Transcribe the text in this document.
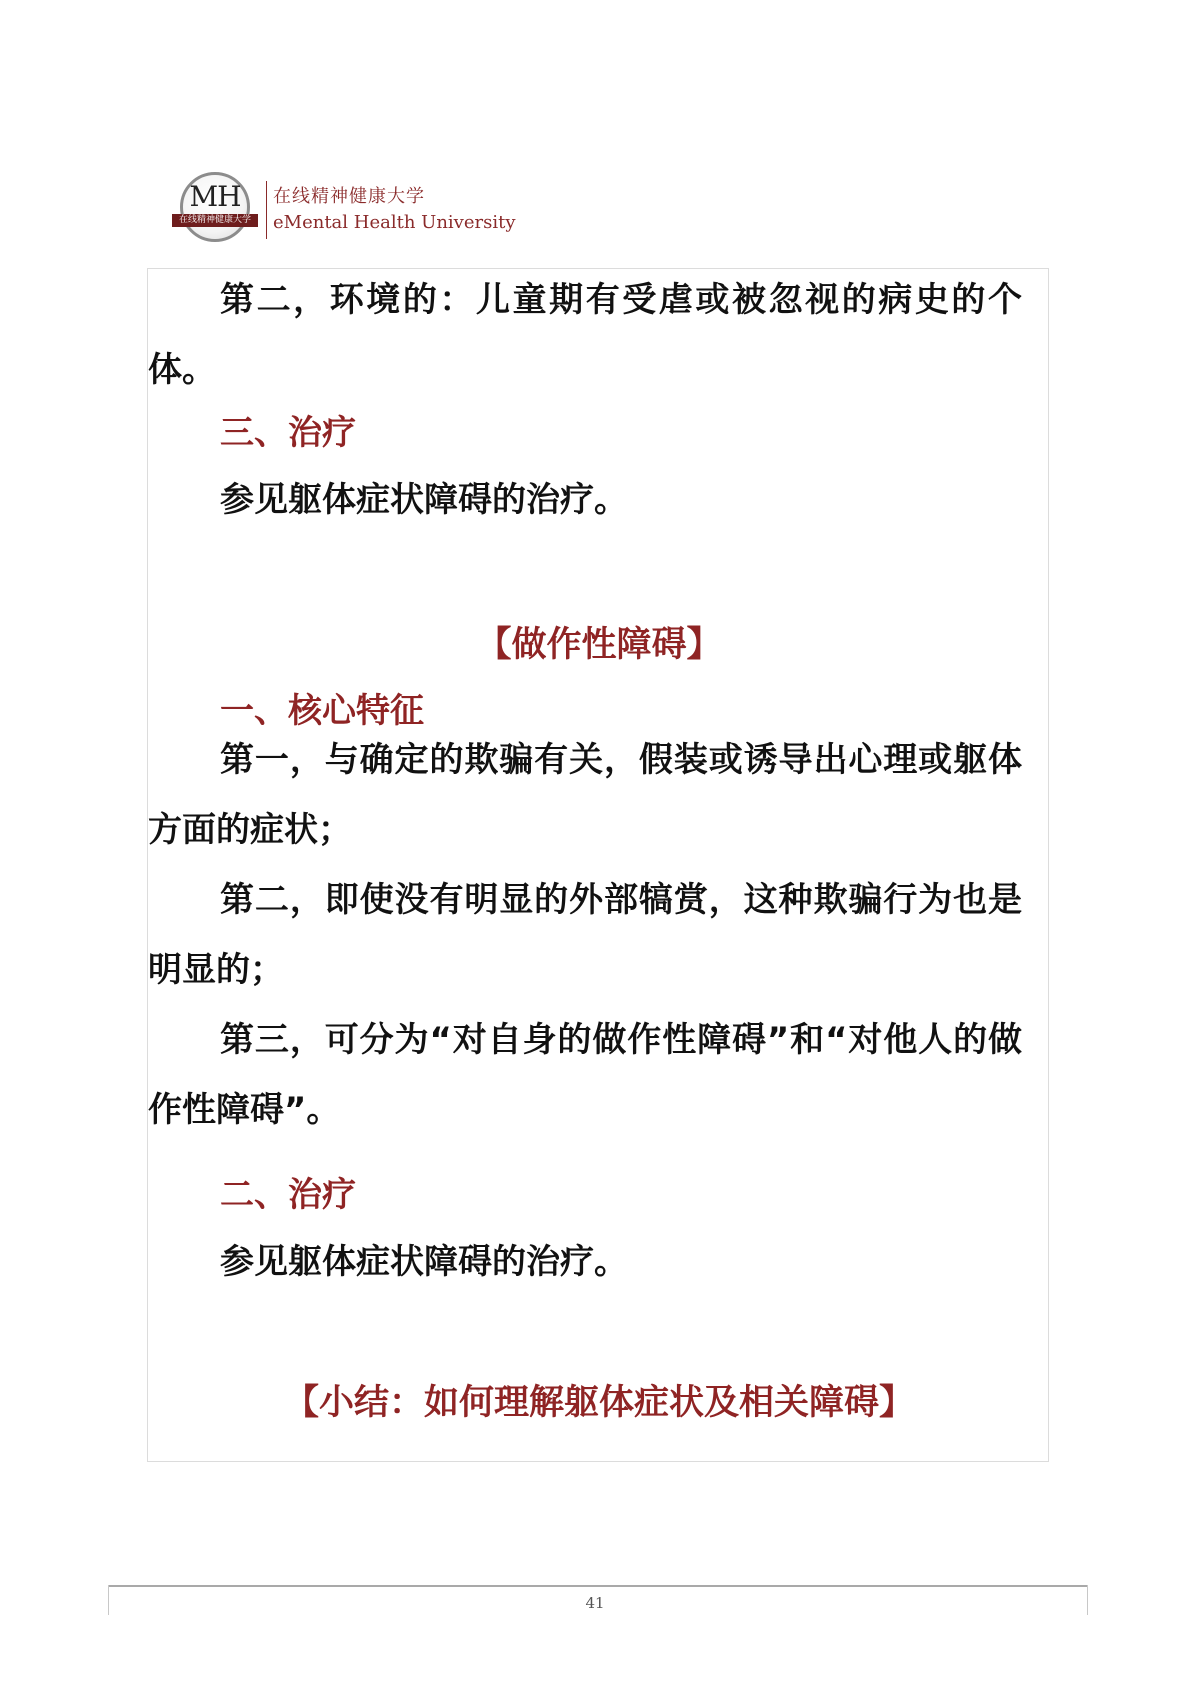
MH
在线精神健康大学
在线精神健康大学
eMental Health University
第二，环境的：儿童期有受虐或被忽视的病史的个体。
三、治疗
参见躯体症状障碍的治疗。
【做作性障碍】
一、核心特征
第一，与确定的欺骗有关，假装或诱导出心理或躯体方面的症状；
第二，即使没有明显的外部犒赏，这种欺骗行为也是明显的；
第三，可分为“对自身的做作性障碍”和“对他人的做作性障碍”。
二、治疗
参见躯体症状障碍的治疗。
【小结：如何理解躯体症状及相关障碍】
41
